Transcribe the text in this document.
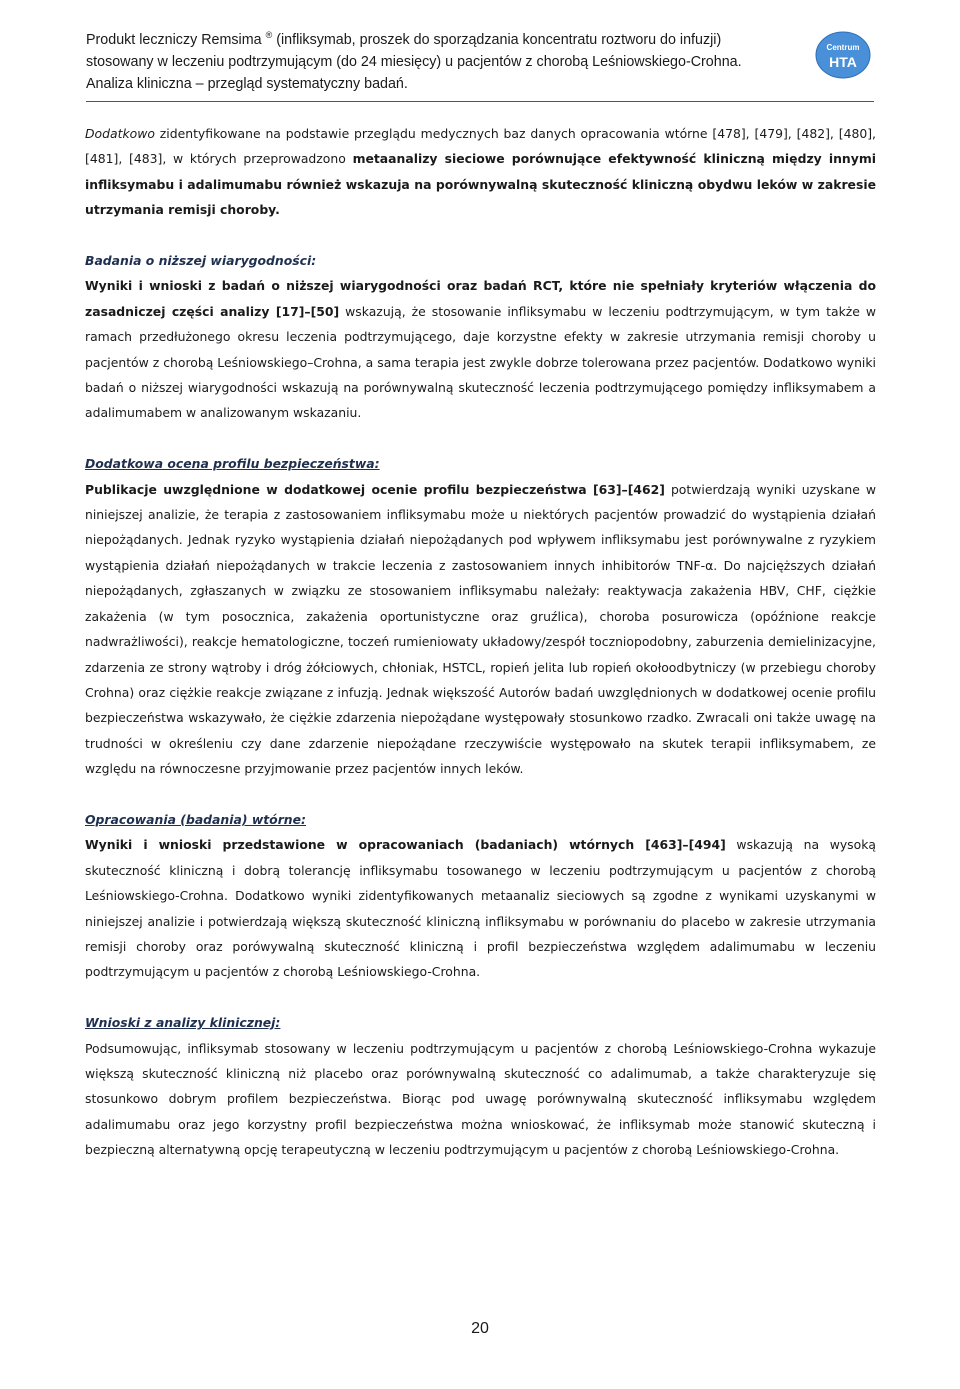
Produkt leczniczy Remsima ® (infliksymab, proszek do sporządzania koncentratu roztworu do infuzji) stosowany w leczeniu podtrzymującym (do 24 miesięcy) u pacjentów z chorobą Leśniowskiego-Crohna. Analiza kliniczna – przegląd systematyczny badań.
Centrum
HTA

Dodatkowo zidentyfikowane na podstawie przeglądu medycznych baz danych opracowania wtórne [478], [479], [482], [480], [481], [483], w których przeprowadzono metaanalizy sieciowe porównujące efektywność kliniczną między innymi infliksymabu i adalimumabu również wskazuja na porównywalną skuteczność kliniczną obydwu leków w zakresie utrzymania remisji choroby.

Badania o niższej wiarygodności:

Wyniki i wnioski z badań o niższej wiarygodności oraz badań RCT, które nie spełniały kryteriów włączenia do zasadniczej części analizy [17]–[50] wskazują, że stosowanie infliksymabu w leczeniu podtrzymującym, w tym także w ramach przedłużonego okresu leczenia podtrzymującego, daje korzystne efekty w zakresie utrzymania remisji choroby u pacjentów z chorobą Leśniowskiego–Crohna, a sama terapia jest zwykle dobrze tolerowana przez pacjentów. Dodatkowo wyniki badań o niższej wiarygodności wskazują na porównywalną skuteczność leczenia podtrzymującego pomiędzy infliksymabem a adalimumabem w analizowanym wskazaniu.

Dodatkowa ocena profilu bezpieczeństwa:

Publikacje uwzględnione w dodatkowej ocenie profilu bezpieczeństwa [63]–[462] potwierdzają wyniki uzyskane w niniejszej analizie, że terapia z zastosowaniem infliksymabu może u niektórych pacjentów prowadzić do wystąpienia działań niepożądanych. Jednak ryzyko wystąpienia działań niepożądanych pod wpływem infliksymabu jest porównywalne z ryzykiem wystąpienia działań niepożądanych w trakcie leczenia z zastosowaniem innych inhibitorów TNF-α. Do najcięższych działań niepożądanych, zgłaszanych w związku ze stosowaniem infliksymabu należały: reaktywacja zakażenia HBV, CHF, ciężkie zakażenia (w tym posocznica, zakażenia oportunistyczne oraz gruźlica), choroba posurowicza (opóźnione reakcje nadwrażliwości), reakcje hematologiczne, toczeń rumieniowaty układowy/zespół toczniopodobny, zaburzenia demielinizacyjne, zdarzenia ze strony wątroby i dróg żółciowych, chłoniak, HSTCL, ropień jelita lub ropień okołoodbytniczy (w przebiegu choroby Crohna) oraz ciężkie reakcje związane z infuzją. Jednak większość Autorów badań uwzględnionych w dodatkowej ocenie profilu bezpieczeństwa wskazywało, że ciężkie zdarzenia niepożądane występowały stosunkowo rzadko. Zwracali oni także uwagę na trudności w określeniu czy dane zdarzenie niepożądane rzeczywiście występowało na skutek terapii infliksymabem, ze względu na równoczesne przyjmowanie przez pacjentów innych leków.

Opracowania (badania) wtórne:

Wyniki i wnioski przedstawione w opracowaniach (badaniach) wtórnych [463]–[494] wskazują na wysoką skuteczność kliniczną i dobrą tolerancję infliksymabu tosowanego w leczeniu podtrzymującym u pacjentów z chorobą Leśniowskiego-Crohna. Dodatkowo wyniki zidentyfikowanych metaanaliz sieciowych są zgodne z wynikami uzyskanymi w niniejszej analizie i potwierdzają większą skuteczność kliniczną infliksymabu w porównaniu do placebo w zakresie utrzymania remisji choroby oraz porówywalną skuteczność kliniczną i profil bezpieczeństwa względem adalimumabu w leczeniu podtrzymującym u pacjentów z chorobą Leśniowskiego-Crohna.

Wnioski z analizy klinicznej:

Podsumowując, infliksymab stosowany w leczeniu podtrzymującym u pacjentów z chorobą Leśniowskiego-Crohna wykazuje większą skuteczność kliniczną niż placebo oraz porównywalną skuteczność co adalimumab, a także charakteryzuje się stosunkowo dobrym profilem bezpieczeństwa. Biorąc pod uwagę porównywalną skuteczność infliksymabu względem adalimumabu oraz jego korzystny profil bezpieczeństwa można wnioskować, że infliksymab może stanowić skuteczną i bezpieczną alternatywną opcję terapeutyczną w leczeniu podtrzymującym u pacjentów z chorobą Leśniowskiego-Crohna.

20
